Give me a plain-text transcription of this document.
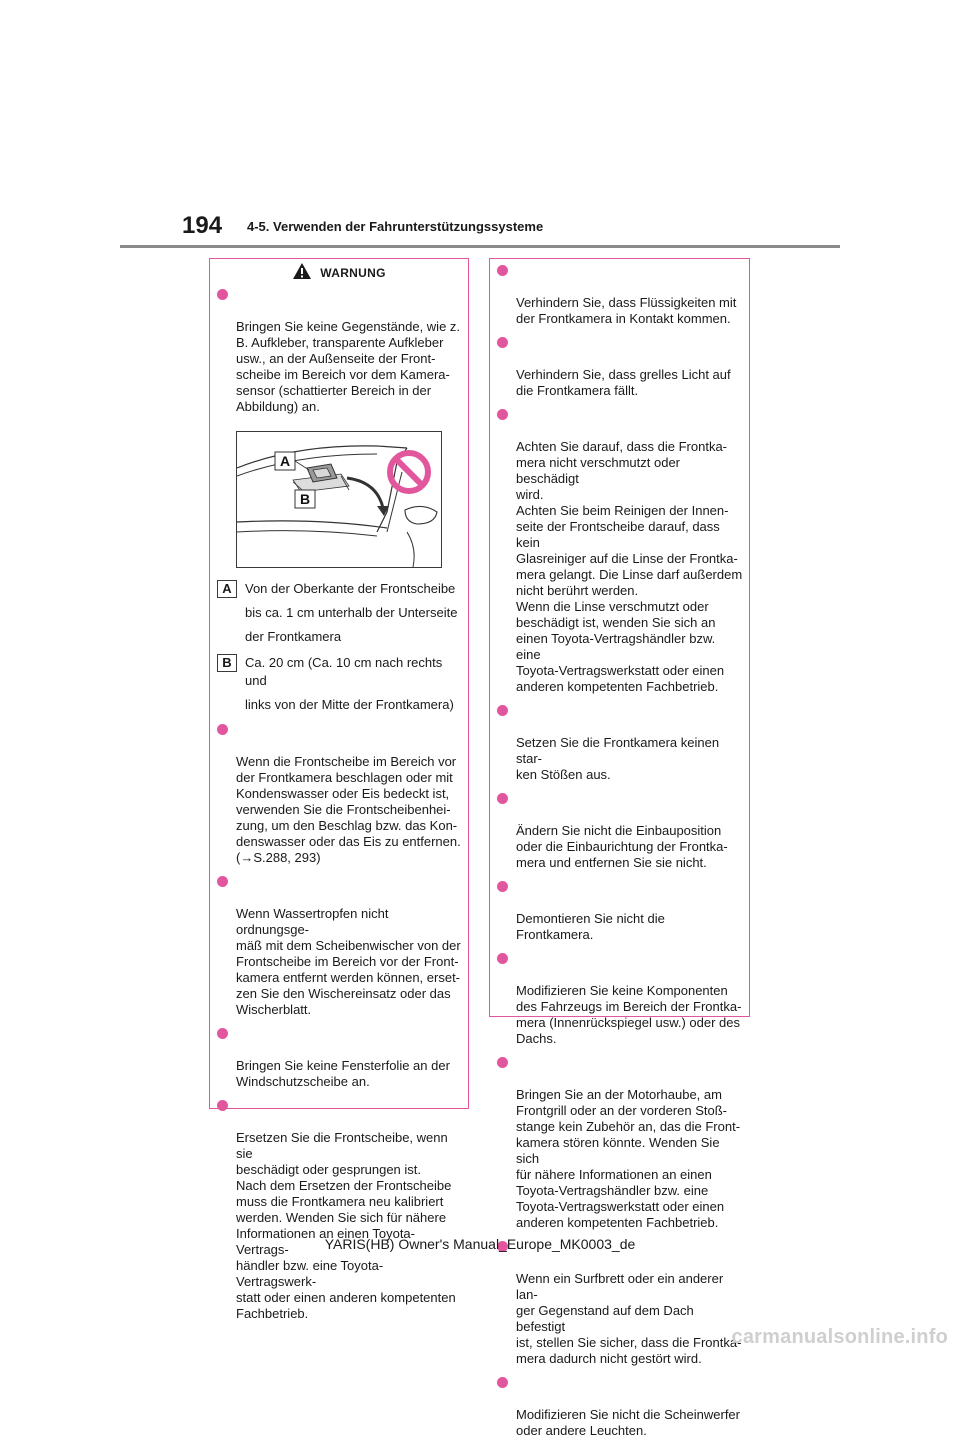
194 4-5. Verwenden der Fahrunterstützungssysteme
WARNUNG

Bringen Sie keine Gegenstände, wie z.
B. Aufkleber, transparente Aufkleber
usw., an der Außenseite der Front-
scheibe im Bereich vor dem Kamera-
sensor (schattierter Bereich in der
Abbildung) an.

A
B
A	Von der Oberkante der Frontscheibe
bis ca. 1 cm unterhalb der Unterseite
der Frontkamera
B	Ca. 20 cm (Ca. 10 cm nach rechts und
links von der Mitte der Frontkamera)

Wenn die Frontscheibe im Bereich vor
der Frontkamera beschlagen oder mit
Kondenswasser oder Eis bedeckt ist,
verwenden Sie die Frontscheibenhei-
zung, um den Beschlag bzw. das Kon-
denswasser oder das Eis zu entfernen.
(→S.288, 293)

Wenn Wassertropfen nicht ordnungsge-
mäß mit dem Scheibenwischer von der
Frontscheibe im Bereich vor der Front-
kamera entfernt werden können, erset-
zen Sie den Wischereinsatz oder das
Wischerblatt.

Bringen Sie keine Fensterfolie an der
Windschutzscheibe an.

Ersetzen Sie die Frontscheibe, wenn sie
beschädigt oder gesprungen ist.
Nach dem Ersetzen der Frontscheibe
muss die Frontkamera neu kalibriert
werden. Wenden Sie sich für nähere
Informationen an einen Toyota-Vertrags-
händler bzw. eine Toyota-Vertragswerk-
statt oder einen anderen kompetenten
Fachbetrieb.

Verhindern Sie, dass Flüssigkeiten mit
der Frontkamera in Kontakt kommen.

Verhindern Sie, dass grelles Licht auf
die Frontkamera fällt.

Achten Sie darauf, dass die Frontka-
mera nicht verschmutzt oder beschädigt
wird.
Achten Sie beim Reinigen der Innen-
seite der Frontscheibe darauf, dass kein
Glasreiniger auf die Linse der Frontka-
mera gelangt. Die Linse darf außerdem
nicht berührt werden.
Wenn die Linse verschmutzt oder
beschädigt ist, wenden Sie sich an
einen Toyota-Vertragshändler bzw. eine
Toyota-Vertragswerkstatt oder einen
anderen kompetenten Fachbetrieb.

Setzen Sie die Frontkamera keinen star-
ken Stößen aus.

Ändern Sie nicht die Einbauposition
oder die Einbaurichtung der Frontka-
mera und entfernen Sie sie nicht.

Demontieren Sie nicht die Frontkamera.

Modifizieren Sie keine Komponenten
des Fahrzeugs im Bereich der Frontka-
mera (Innenrückspiegel usw.) oder des
Dachs.

Bringen Sie an der Motorhaube, am
Frontgrill oder an der vorderen Stoß-
stange kein Zubehör an, das die Front-
kamera stören könnte. Wenden Sie sich
für nähere Informationen an einen
Toyota-Vertragshändler bzw. eine
Toyota-Vertragswerkstatt oder einen
anderen kompetenten Fachbetrieb.

Wenn ein Surfbrett oder ein anderer lan-
ger Gegenstand auf dem Dach befestigt
ist, stellen Sie sicher, dass die Frontka-
mera dadurch nicht gestört wird.

Modifizieren Sie nicht die Scheinwerfer
oder andere Leuchten.

YARIS(HB) Owner's Manual_Europe_MK0003_de
carmanualsonline.info
